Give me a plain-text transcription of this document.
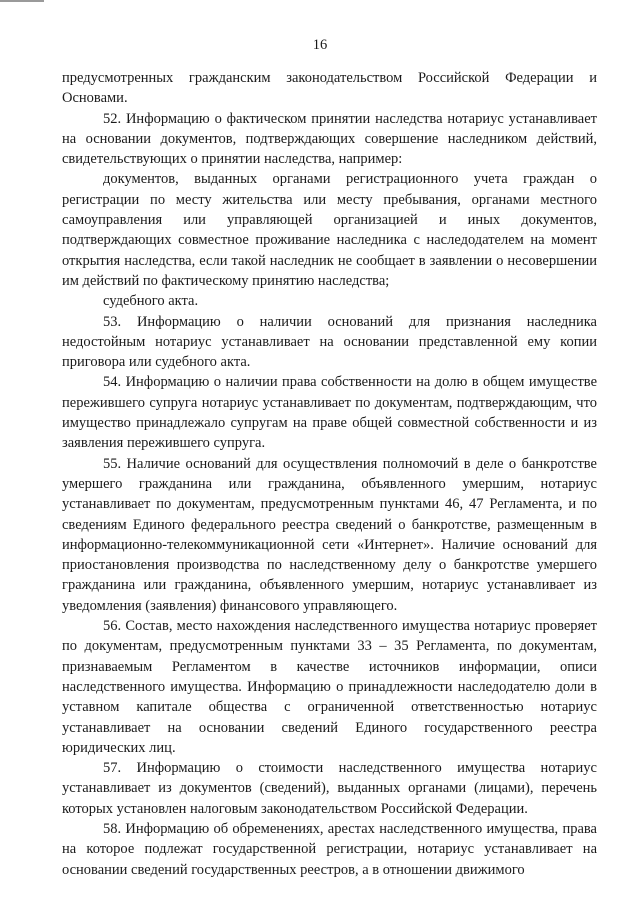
16

предусмотренных гражданским законодательством Российской Федерации и Основами.

52. Информацию о фактическом принятии наследства нотариус устанавливает на основании документов, подтверждающих совершение наследником действий, свидетельствующих о принятии наследства, например:

документов, выданных органами регистрационного учета граждан о регистрации по месту жительства или месту пребывания, органами местного самоуправления или управляющей организацией и иных документов, подтверждающих совместное проживание наследника с наследодателем на момент открытия наследства, если такой наследник не сообщает в заявлении о несовершении им действий по фактическому принятию наследства;

судебного акта.

53. Информацию о наличии оснований для признания наследника недостойным нотариус устанавливает на основании представленной ему копии приговора или судебного акта.

54. Информацию о наличии права собственности на долю в общем имуществе пережившего супруга нотариус устанавливает по документам, подтверждающим, что имущество принадлежало супругам на праве общей совместной собственности и из заявления пережившего супруга.

55. Наличие оснований для осуществления полномочий в деле о банкротстве умершего гражданина или гражданина, объявленного умершим, нотариус устанавливает по документам, предусмотренным пунктами 46, 47 Регламента, и по сведениям Единого федерального реестра сведений о банкротстве, размещенным в информационно-телекоммуникационной сети «Интернет». Наличие оснований для приостановления производства по наследственному делу о банкротстве умершего гражданина или гражданина, объявленного умершим, нотариус устанавливает из уведомления (заявления) финансового управляющего.

56. Состав, место нахождения наследственного имущества нотариус проверяет по документам, предусмотренным пунктами 33 – 35 Регламента, по документам, признаваемым Регламентом в качестве источников информации, описи наследственного имущества. Информацию о принадлежности наследодателю доли в уставном капитале общества с ограниченной ответственностью нотариус устанавливает на основании сведений Единого государственного реестра юридических лиц.

57. Информацию о стоимости наследственного имущества нотариус устанавливает из документов (сведений), выданных органами (лицами), перечень которых установлен налоговым законодательством Российской Федерации.

58. Информацию об обременениях, арестах наследственного имущества, права на которое подлежат государственной регистрации, нотариус устанавливает на основании сведений государственных реестров, а в отношении движимого
